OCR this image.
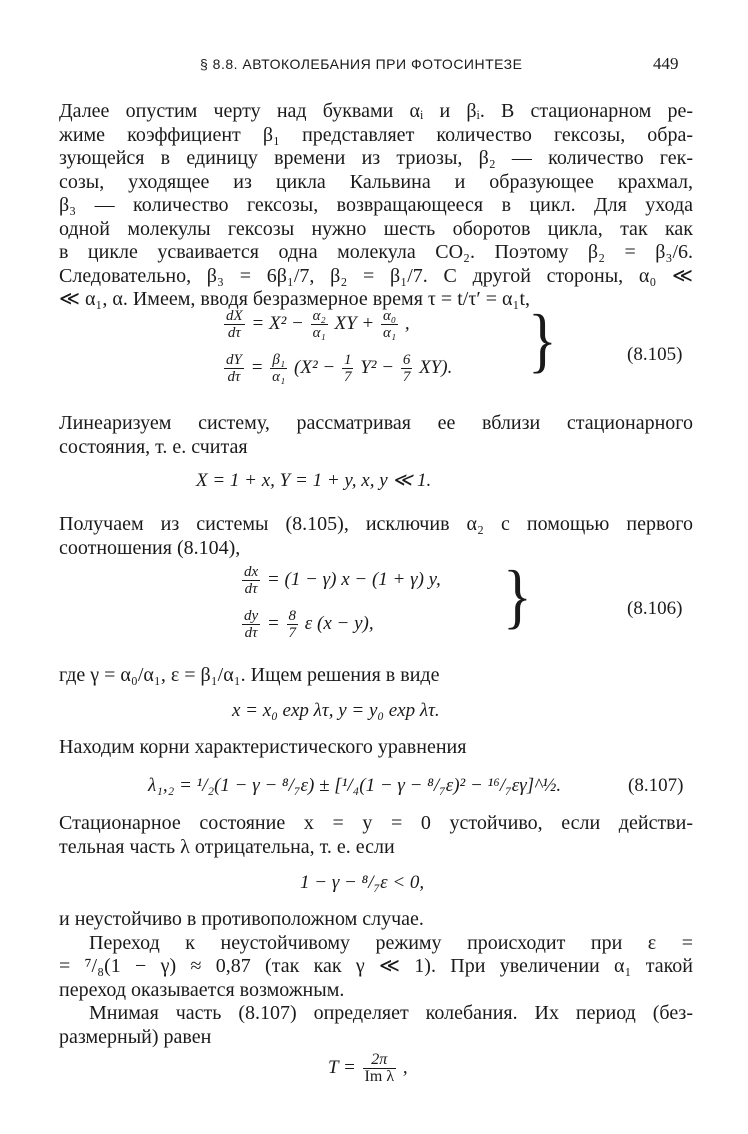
§ 8.8. АВТОКОЛЕБАНИЯ ПРИ ФОТОСИНТЕЗЕ	449
Далее опустим черту над буквами αᵢ и βᵢ. В стационарном ре-
жиме коэффициент β₁ представляет количество гексозы, обра-
зующейся в единицу времени из триозы, β₂ — количество гек-
созы, уходящее из цикла Кальвина и образующее крахмал,
β₃ — количество гексозы, возвращающееся в цикл. Для ухода
одной молекулы гексозы нужно шесть оборотов цикла, так как
в цикле усваивается одна молекула CO₂. Поэтому β₂ = β₃/6.
Следовательно, β₃ = 6β₁/7, β₂ = β₁/7. С другой стороны, α₀ ≪
≪ α₁, α. Имеем, вводя безразмерное время τ = t/τ′ = α₁t,
$\frac{dX}{d\tau} = X^2 - \frac{\text{α₂}}{\text{α₁}}$ XY + $\frac{\text{α₀}}{\text{α₁}}$ ,
$\frac{dY}{d\tau} = \frac{\text{β₁}}{\text{α₁}} (X^2 - \frac{1}{7} Y^2 - \frac{6}{7} XY)$. }	(8.105)
Линеаризуем систему, рассматривая ее вблизи стационарного
состояния, т. е. считая
X = 1 + x, Y = 1 + y, x, y ≪ 1.
Получаем из системы (8.105), исключив α₂ с помощью первого
соотношения (8.104),
$\frac{dx}{d\tau} = (1 - \gamma) x - (1 + \gamma)$ y,
$\frac{dy}{d\tau} = \frac{8}{7}$ ε (x − y), }	(8.106)
где γ = α₀/α₁, ε = β₁/α₁. Ищем решения в виде
x = x₀ exp λτ, y = y₀ exp λτ.
Находим корни характеристического уравнения
λ₁,₂ = ¹/₂(1 − γ − ⁸/₇ε) ± [¹/₄(1 − γ − ⁸/₇ε)² − ¹⁶/₇εγ]^½.	(8.107)
Стационарное состояние x = y = 0 устойчиво, если действи-
тельная часть λ отрицательна, т. е. если
1 − γ − ⁸/₇ε < 0,
и неустойчиво в противоположном случае.
Переход к неустойчивому режиму происходит при ε =
= ⁷/₈(1 − γ) ≈ 0,87 (так как γ ≪ 1). При увеличении α₁ такой
переход оказывается возможным.
Мнимая часть (8.107) определяет колебания. Их период (без-
размерный) равен
$T = \frac{2\pi}{\text{Im λ}}$ ,
